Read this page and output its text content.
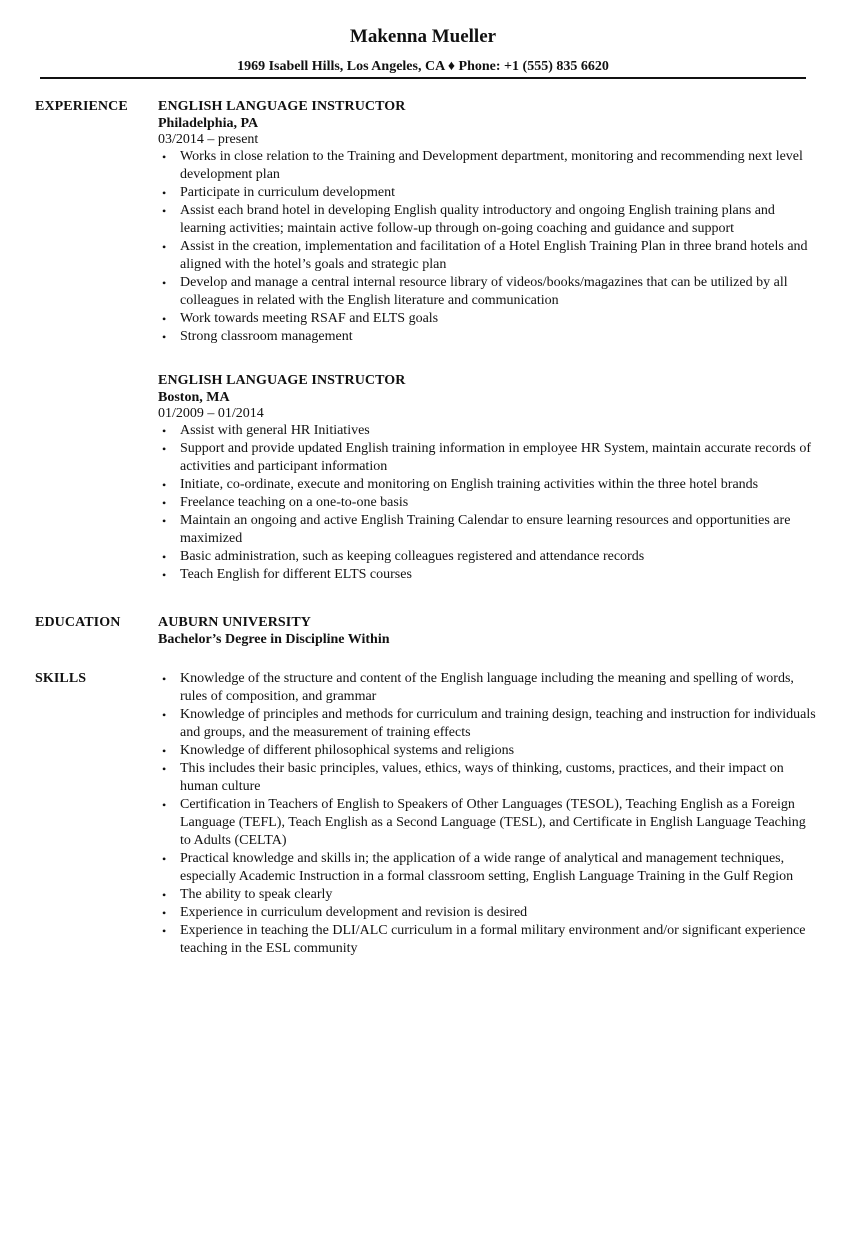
Makenna Mueller
1969 Isabell Hills, Los Angeles, CA ♦ Phone: +1 (555) 835 6620
EXPERIENCE ENGLISH LANGUAGE INSTRUCTOR
Philadelphia, PA
03/2014 – present
• Works in close relation to the Training and Development department, monitoring and recommending next level development plan
• Participate in curriculum development
• Assist each brand hotel in developing English quality introductory and ongoing English training plans and learning activities; maintain active follow-up through on-going coaching and guidance and support
• Assist in the creation, implementation and facilitation of a Hotel English Training Plan in three brand hotels and aligned with the hotel’s goals and strategic plan
• Develop and manage a central internal resource library of videos/books/magazines that can be utilized by all colleagues in related with the English literature and communication
• Work towards meeting RSAF and ELTS goals
• Strong classroom management
ENGLISH LANGUAGE INSTRUCTOR
Boston, MA
01/2009 – 01/2014
• Assist with general HR Initiatives
• Support and provide updated English training information in employee HR System, maintain accurate records of activities and participant information
• Initiate, co-ordinate, execute and monitoring on English training activities within the three hotel brands
• Freelance teaching on a one-to-one basis
• Maintain an ongoing and active English Training Calendar to ensure learning resources and opportunities are maximized
• Basic administration, such as keeping colleagues registered and attendance records
• Teach English for different ELTS courses
EDUCATION	AUBURN UNIVERSITY
Bachelor’s Degree in Discipline Within
SKILLS	• Knowledge of the structure and content of the English language including the meaning and spelling of words, rules of composition, and grammar
• Knowledge of principles and methods for curriculum and training design, teaching and instruction for individuals and groups, and the measurement of training effects
• Knowledge of different philosophical systems and religions
• This includes their basic principles, values, ethics, ways of thinking, customs, practices, and their impact on human culture
• Certification in Teachers of English to Speakers of Other Languages (TESOL), Teaching English as a Foreign Language (TEFL), Teach English as a Second Language (TESL), and Certificate in English Language Teaching to Adults (CELTA)
• Practical knowledge and skills in; the application of a wide range of analytical and management techniques, especially Academic Instruction in a formal classroom setting, English Language Training in the Gulf Region
• The ability to speak clearly
• Experience in curriculum development and revision is desired
• Experience in teaching the DLI/ALC curriculum in a formal military environment and/or significant experience teaching in the ESL community
